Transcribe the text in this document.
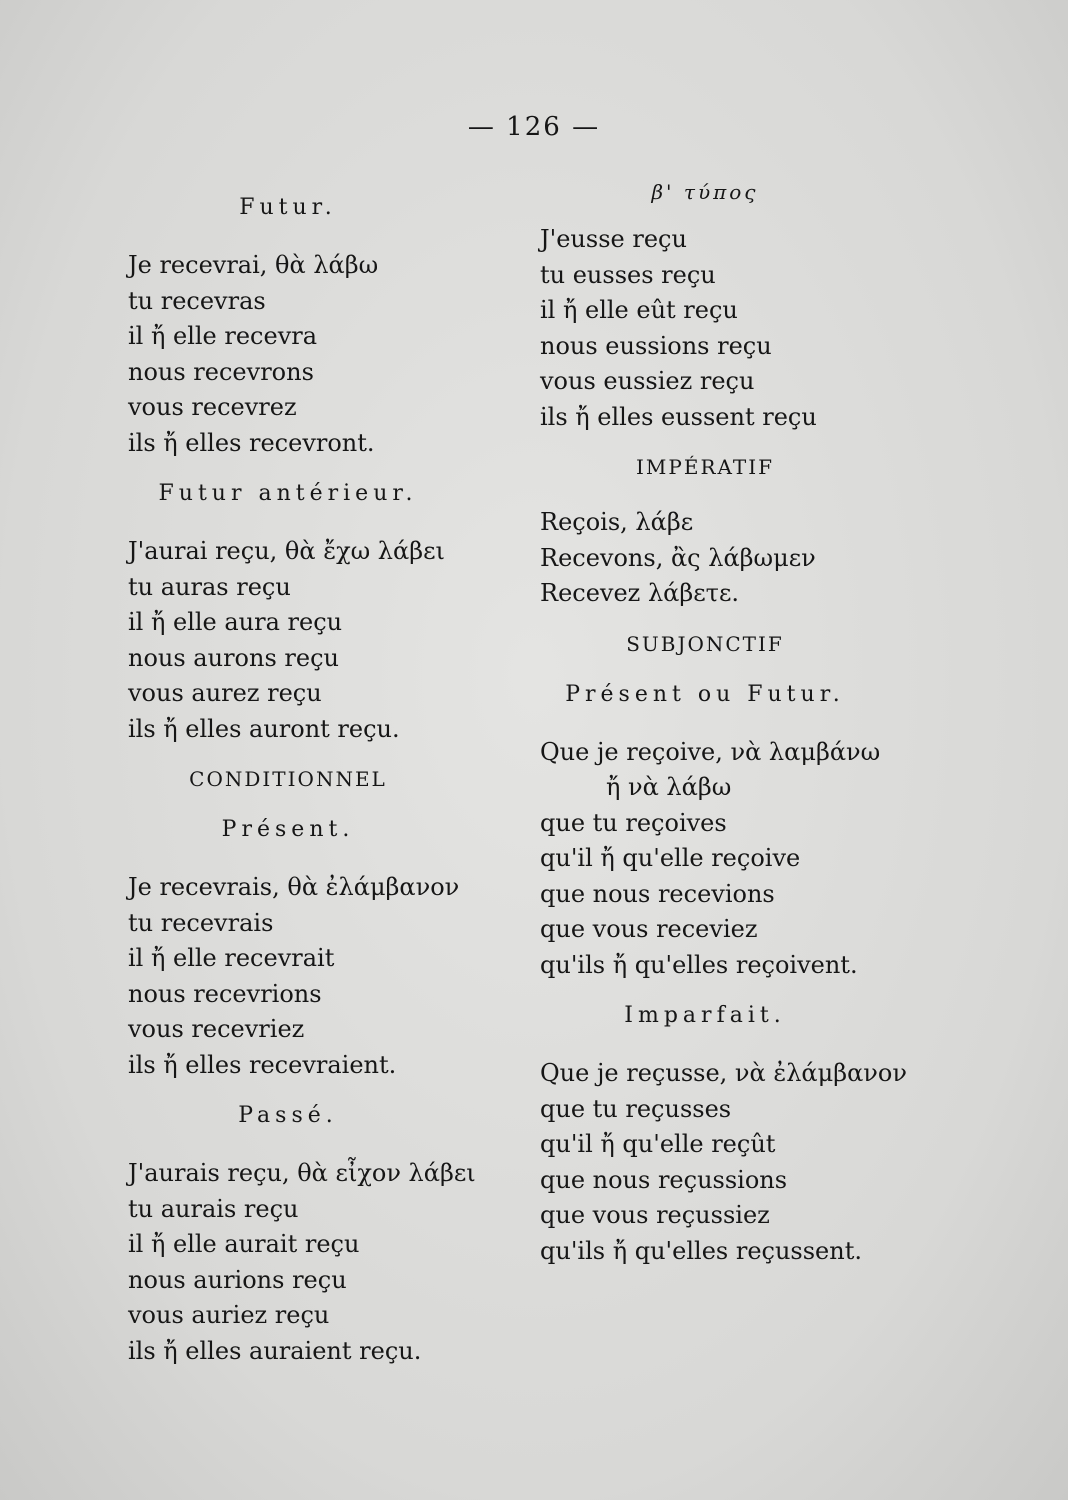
— 126 —
Futur.
Je recevrai, θὰ λάβω
tu recevras
il ἤ elle recevra
nous recevrons
vous recevrez
ils ἤ elles recevront.
Futur antérieur.
J'aurai reçu, θὰ ἔχω λάβει
tu auras reçu
il ἤ elle aura reçu
nous aurons reçu
vous aurez reçu
ils ἤ elles auront reçu.
CONDITIONNEL
Présent.
Je recevrais, θὰ ἐλάμβανον
tu recevrais
il ἤ elle recevrait
nous recevrions
vous recevriez
ils ἤ elles recevraient.
Passé.
J'aurais reçu, θὰ εἶχον λάβει
tu aurais reçu
il ἤ elle aurait reçu
nous aurions reçu
vous auriez reçu
ils ἤ elles auraient reçu.
β' τύπος
J'eusse reçu
tu eusses reçu
il ἤ elle eût reçu
nous eussions reçu
vous eussiez reçu
ils ἤ elles eussent reçu
IMPÉRATIF
Reçois, λάβε
Recevons, ἂς λάβωμεν
Recevez λάβετε.
SUBJONCTIF
Présent ou Futur.
Que je reçoive, νὰ λαμβάνω
ἤ νὰ λάβω
que tu reçoives
qu'il ἤ qu'elle reçoive
que nous recevions
que vous receviez
qu'ils ἤ qu'elles reçoivent.
Imparfait.
Que je reçusse, νὰ ἐλάμβανον
que tu reçusses
qu'il ἤ qu'elle reçût
que nous reçussions
que vous reçussiez
qu'ils ἤ qu'elles reçussent.
